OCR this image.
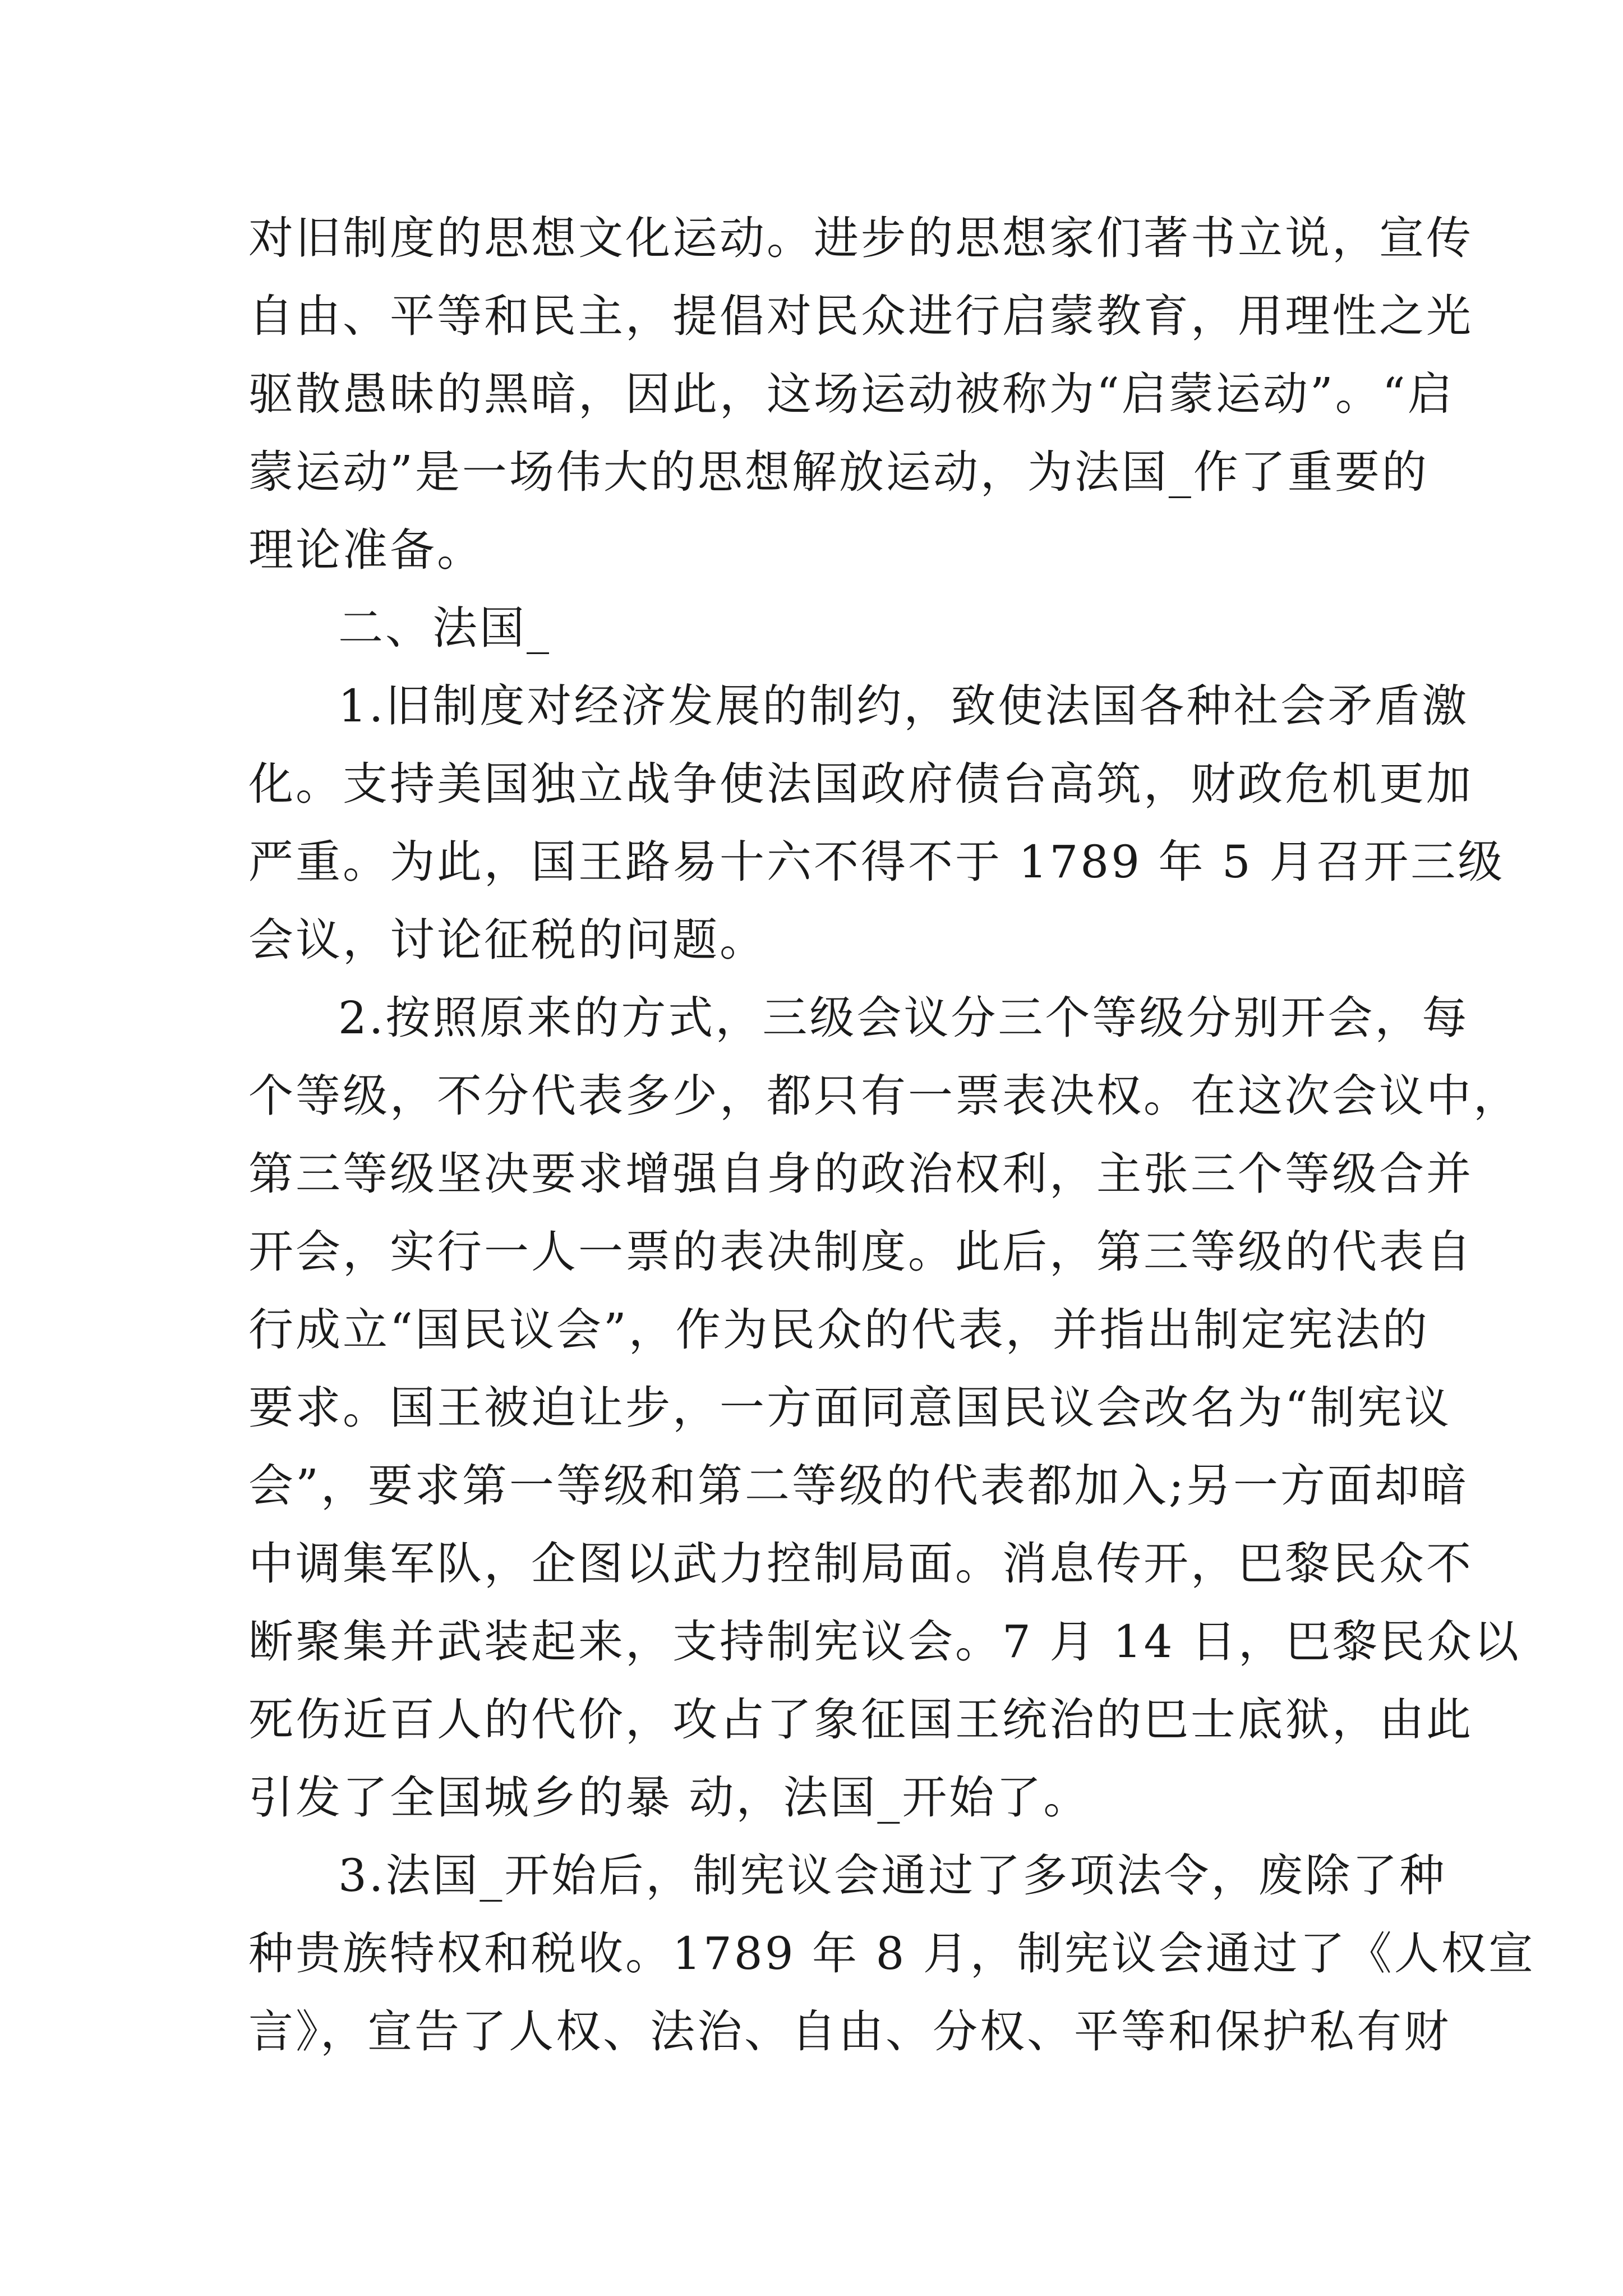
对旧制度的思想文化运动。进步的思想家们著书立说，宣传
自由、平等和民主，提倡对民众进行启蒙教育，用理性之光
驱散愚昧的黑暗，因此，这场运动被称为“启蒙运动”。“启
蒙运动”是一场伟大的思想解放运动，为法国_作了重要的
理论准备。

二、法国_

1.旧制度对经济发展的制约，致使法国各种社会矛盾激
化。支持美国独立战争使法国政府债台高筑，财政危机更加
严重。为此，国王路易十六不得不于 1789 年 5 月召开三级
会议，讨论征税的问题。

2.按照原来的方式，三级会议分三个等级分别开会，每
个等级，不分代表多少，都只有一票表决权。在这次会议中，
第三等级坚决要求增强自身的政治权利，主张三个等级合并
开会，实行一人一票的表决制度。此后，第三等级的代表自
行成立“国民议会”，作为民众的代表，并指出制定宪法的
要求。国王被迫让步，一方面同意国民议会改名为“制宪议
会”，要求第一等级和第二等级的代表都加入;另一方面却暗
中调集军队，企图以武力控制局面。消息传开，巴黎民众不
断聚集并武装起来，支持制宪议会。7 月 14 日，巴黎民众以
死伤近百人的代价，攻占了象征国王统治的巴士底狱，由此
引发了全国城乡的暴 动，法国_开始了。

3.法国_开始后，制宪议会通过了多项法令，废除了种
种贵族特权和税收。1789 年 8 月，制宪议会通过了《人权宣
言》，宣告了人权、法治、自由、分权、平等和保护私有财
